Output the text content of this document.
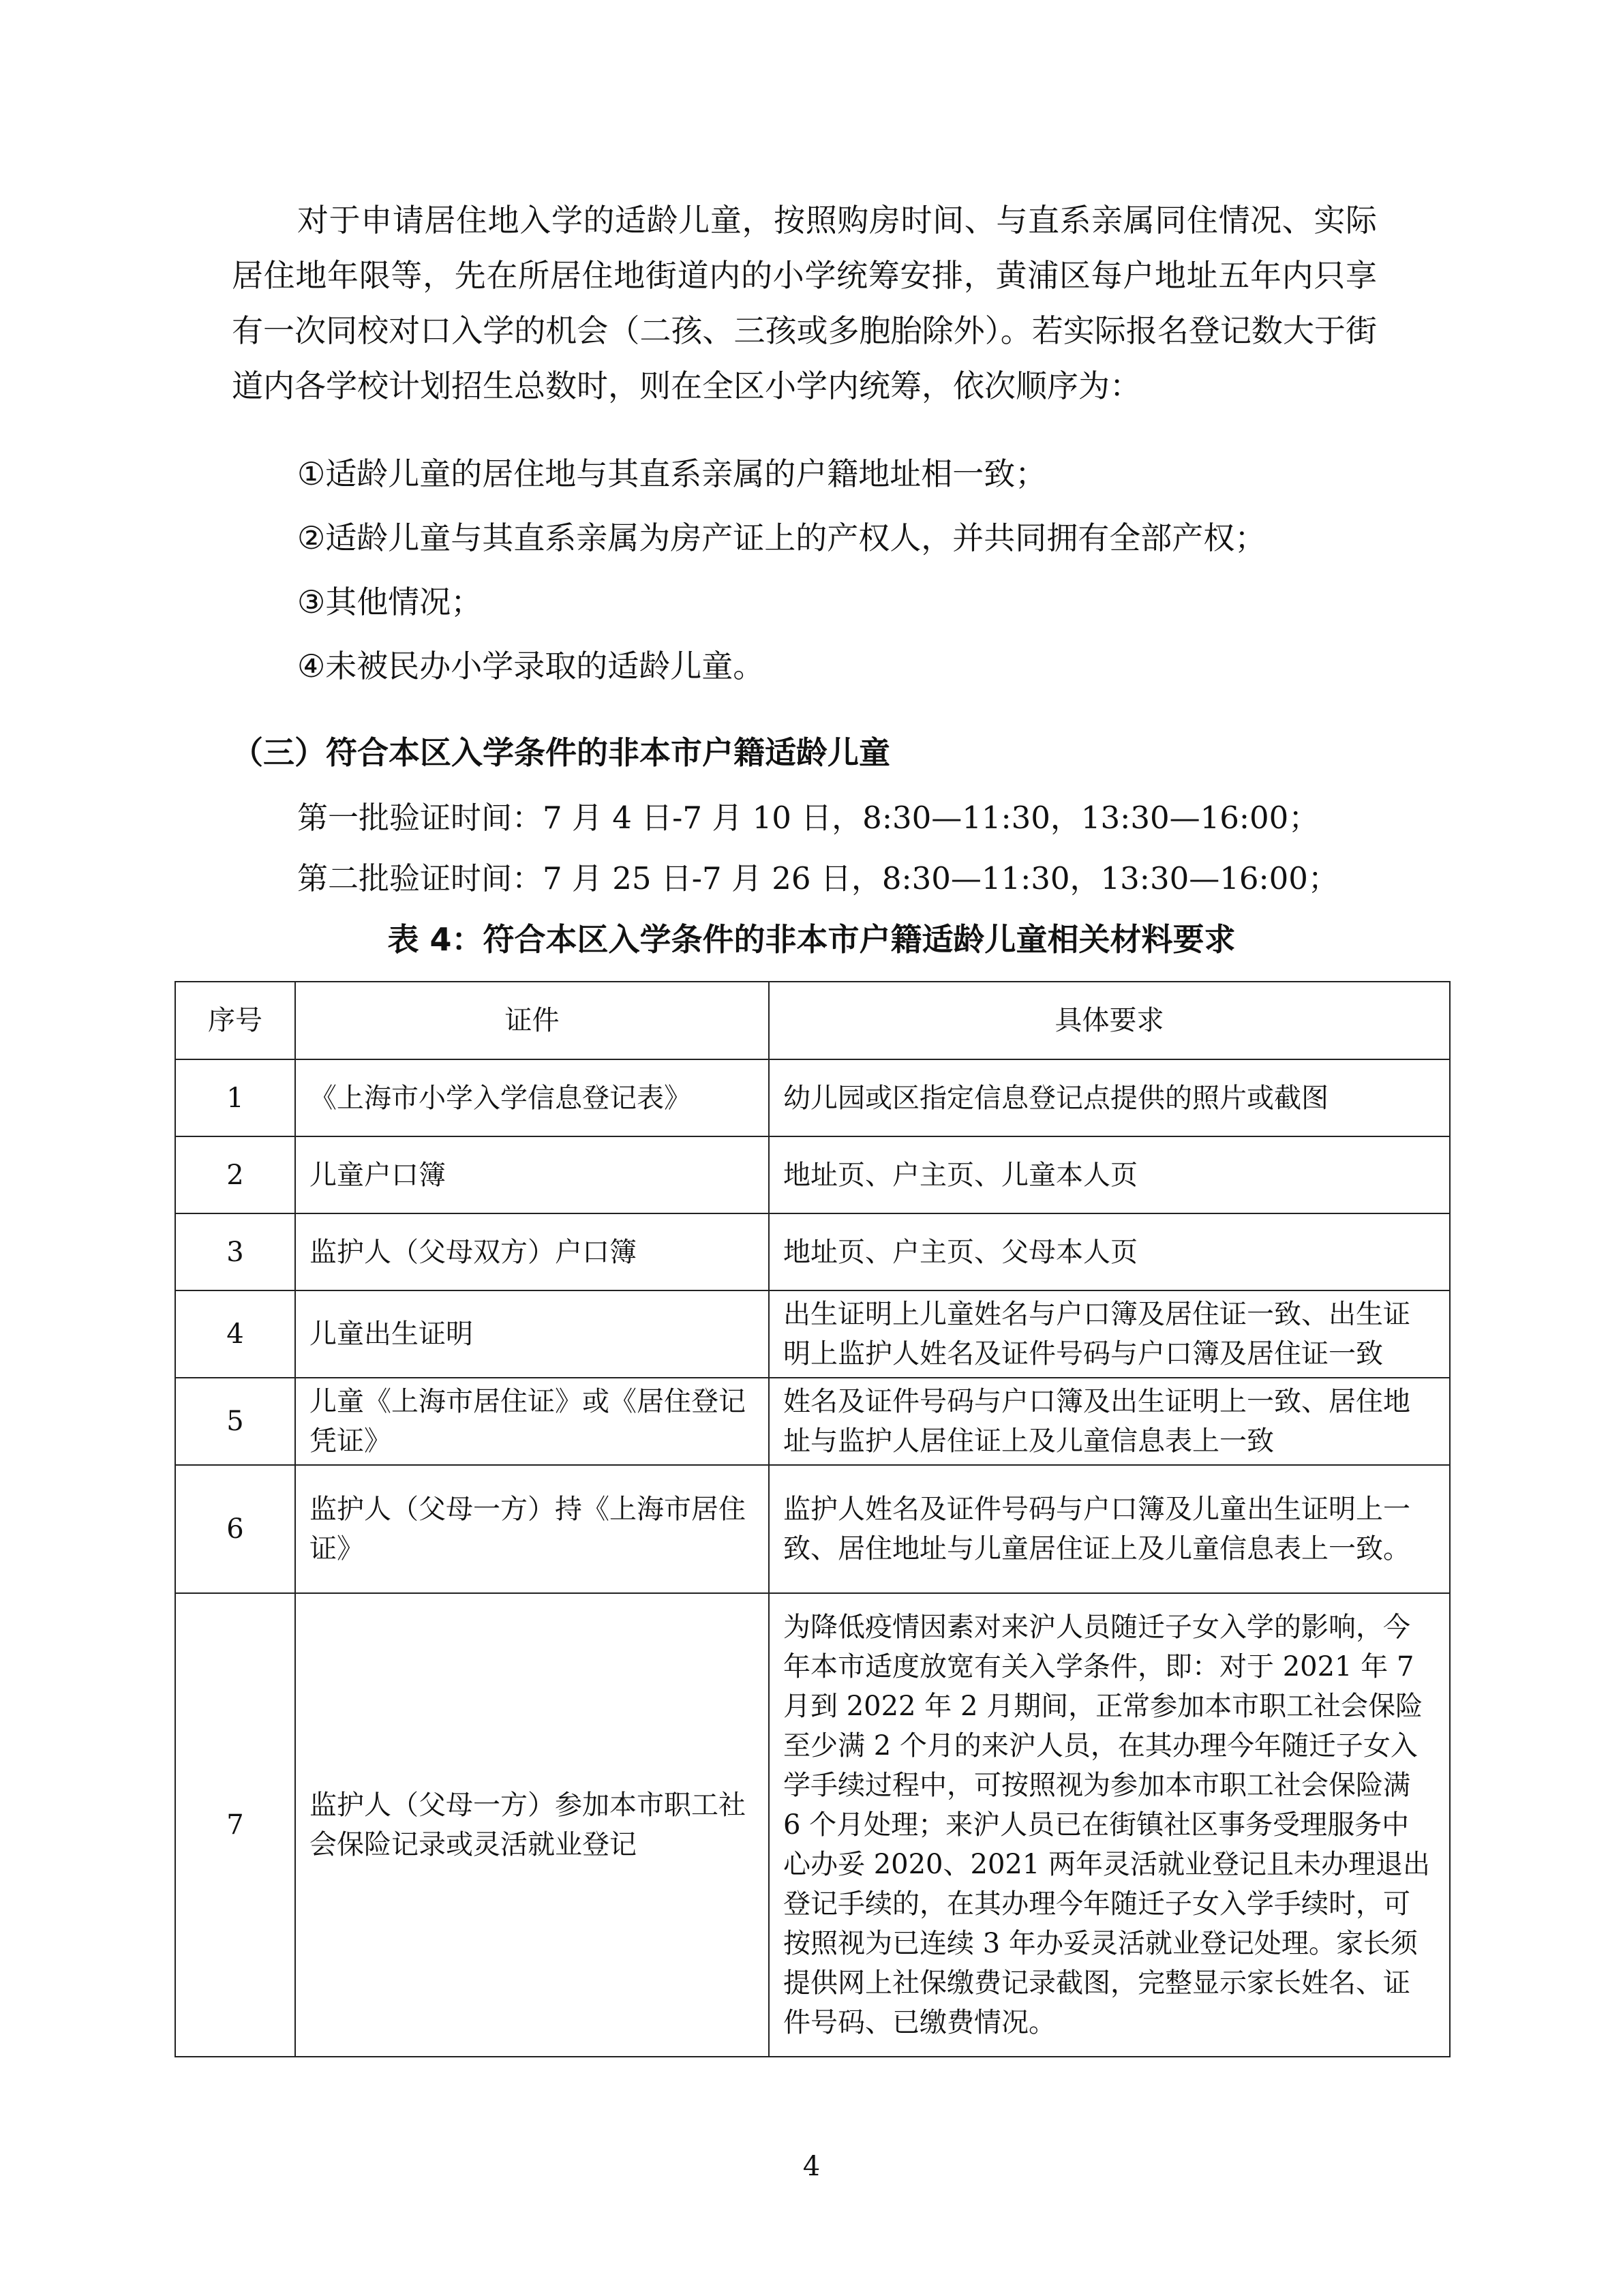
对于申请居住地入学的适龄儿童，按照购房时间、与直系亲属同住情况、实际居住地年限等，先在所居住地街道内的小学统筹安排，黄浦区每户地址五年内只享有一次同校对口入学的机会（二孩、三孩或多胞胎除外）。若实际报名登记数大于街道内各学校计划招生总数时，则在全区小学内统筹，依次顺序为：

①适龄儿童的居住地与其直系亲属的户籍地址相一致；

②适龄儿童与其直系亲属为房产证上的产权人，并共同拥有全部产权；

③其他情况；

④未被民办小学录取的适龄儿童。

（三）符合本区入学条件的非本市户籍适龄儿童

第一批验证时间：7 月 4 日-7 月 10 日，8:30—11:30，13:30—16:00；

第二批验证时间：7 月 25 日-7 月 26 日，8:30—11:30，13:30—16:00；

表 4：符合本区入学条件的非本市户籍适龄儿童相关材料要求

序号	证件	具体要求
1	《上海市小学入学信息登记表》	幼儿园或区指定信息登记点提供的照片或截图
2	儿童户口簿	地址页、户主页、儿童本人页
3	监护人（父母双方）户口簿	地址页、户主页、父母本人页
4	儿童出生证明	出生证明上儿童姓名与户口簿及居住证一致、出生证明上监护人姓名及证件号码与户口簿及居住证一致
5	儿童《上海市居住证》或《居住登记凭证》	姓名及证件号码与户口簿及出生证明上一致、居住地址与监护人居住证上及儿童信息表上一致
6	监护人（父母一方）持《上海市居住证》	监护人姓名及证件号码与户口簿及儿童出生证明上一致、居住地址与儿童居住证上及儿童信息表上一致。
7	监护人（父母一方）参加本市职工社会保险记录或灵活就业登记	为降低疫情因素对来沪人员随迁子女入学的影响，今年本市适度放宽有关入学条件，即：对于 2021 年 7 月到 2022 年 2 月期间，正常参加本市职工社会保险至少满 2 个月的来沪人员，在其办理今年随迁子女入学手续过程中，可按照视为参加本市职工社会保险满 6 个月处理；来沪人员已在街镇社区事务受理服务中心办妥 2020、2021 两年灵活就业登记且未办理退出登记手续的，在其办理今年随迁子女入学手续时，可按照视为已连续 3 年办妥灵活就业登记处理。家长须提供网上社保缴费记录截图，完整显示家长姓名、证件号码、已缴费情况。

4
